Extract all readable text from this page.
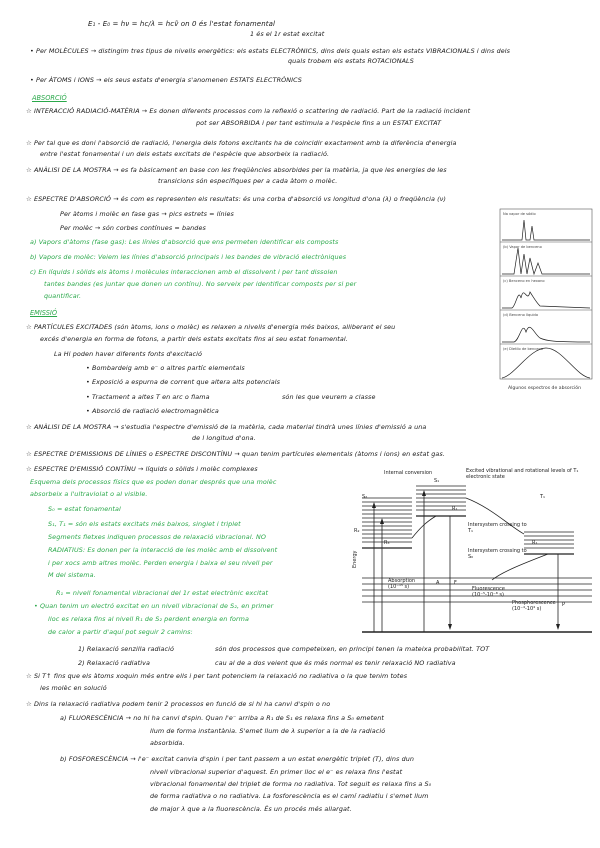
E₁ - E₀ = hν = hc/λ = hcṽ on 0 és l'estat fonamental
1 és el 1r estat excitat
• Per MOLÈCULES → distingim tres tipus de nivells energètics: els estats ELECTRÒNICS, dins dels quals estan els estats VIBRACIONALS i dins dels
quals trobem els estats ROTACIONALS
• Per ÀTOMS i IONS → els seus estats d'energia s'anomenen ESTATS ELECTRÒNICS
ABSORCIÓ
☆ INTERACCIÓ RADIACIÓ-MATÈRIA → Es donen diferents processos com la reflexió o scattering de radiació. Part de la radiació incident
pot ser ABSORBIDA i per tant estimula a l'espècie fins a un ESTAT EXCITAT
☆ Per tal que es doni l'absorció de radiació, l'energia dels fotons excitants ha de coincidir exactament amb la diferència d'energia
entre l'estat fonamental i un dels estats excitats de l'espècie que absorbeix la radiació.
☆ ANÀLISI DE LA MOSTRA → es fa bàsicament en base con les freqüències absorbides per la matèria, ja que les energies de les
transicions són específiques per a cada àtom o molèc.
☆ ESPECTRE D'ABSORCIÓ → és com es representen els resultats: és una corba d'absorció vs longitud d'ona (λ) o freqüència (ν)
Per àtoms i molèc en fase gas → pics estrets = línies
Per molèc → són corbes contínues = bandes
a) Vapors d'àtoms (fase gas): Les línies d'absorció que ens permeten identificar els composts
b) Vapors de molèc: Veiem les línies d'absorció principals i les bandes de vibració electròniques
c) En líquids i sòlids els àtoms i molècules interaccionen amb el dissolvent i per tant dissolen
tantes bandes (es juntar que donen un contínu). No serveix per identificar composts per si per
quantificar.
EMISSIÓ
☆ PARTÍCULES EXCITADES (són àtoms, ions o molèc) es relaxen a nivells d'energia més baixos, alliberant el seu
excés d'energia en forma de fotons, a partir dels estats excitats fins al seu estat fonamental.
La Hi poden haver diferents fonts d'excitació
• Bombardeig amb e⁻ o altres partíc elementals
• Exposició a espurna de corrent que altera alts potencials
• Tractament a altes T en arc o flama	són les que veurem a classe
• Absorció de radiació electromagnètica
☆ ANÀLISI DE LA MOSTRA → s'estudia l'espectre d'emissió de la matèria, cada material tindrà unes línies d'emissió a una
de l longitud d'ona.
☆ ESPECTRE D'EMISSIONS DE LÍNIES o ESPECTRE DISCONTÍNU → quan tenim partícules elementals (àtoms i ions) en estat gas.
☆ ESPECTRE D'EMISSIÓ CONTÍNU → líquids o sòlids i molèc complexes
Esquema dels processos físics que es poden donar després que una molèc
absorbeix a l'ultraviolat o al visible.
S₀ = estat fonamental
S₁, T₁ = són els estats excitats més baixos, singlet i triplet
Segments fletxes indiquen processos de relaxació vibracional. NO
RADIATIUS: Es donen per la interacció de les molèc amb el dissolvent
i per xocs amb altres molèc. Perden energia i baixa el seu nivell per
M del sistema.
R₁ = nivell fonamental vibracional del 1r estat electrònic excitat
• Quan tenim un electró excitat en un nivell vibracional de S₂, en primer
lloc es relaxa fins al nivell R₁ de S₂ perdent energia en forma
de calor a partir d'aquí pot seguir 2 camins:
1) Relaxació senzilla radiació	són dos processos que competeixen, en principi tenen la mateixa probabilitat. TOT
2) Relaxació radiativa	cau al de a dos veient que és més normal es tenir relaxació NO radiativa
☆ Si T↑ fins que els àtoms xoquin més entre ells i per tant potenciem la relaxació no radiativa o la que tenim totes
les molèc en solució
☆ Dins la relaxació radiativa podem tenir 2 processos en funció de si hi ha canvi d'spin o no
a) FLUORESCÈNCIA → no hi ha canvi d'spin. Quan l'e⁻ arriba a R₁ de S₁ es relaxa fins a S₀ emetent
llum de forma instantània. S'emet llum de λ superior a la de la radiació
absorbida.
b) FOSFORESCÈNCIA → l'e⁻ excitat canvia d'spin i per tant passem a un estat energètic triplet (T), dins dun
nivell vibracional superior d'aquest. En primer lloc el e⁻ es relaxa fins l'estat
vibracional fonamental del triplet de forma no radiativa. Tot seguit es relaxa fins a S₀
de forma radiativa o no radiativa. La fosforescència es el camí radiatiu i s'emet llum
de major λ que a la fluorescència. És un procés més allargat.
Na vapor de sódio
(b) Vapor de benceno
(c) Benceno en hexano
(d) Benceno líquido
(e) Dietilo de benceno
Algunos espectros de absorción
Energy
Excited vibrational and rotational levels of T₁ electronic state
Internal conversion
S₂
S₁
T₁
R₁
R₁
R₂
R₃
Intersystem crossing to T₁
Intersystem crossing to S₀
Absorption (10⁻¹⁵ s)
A	F
Fluorescence (10⁻⁵-10⁻⁸ s)
Phosphorescence (10⁻⁴-10⁴ s)
P
